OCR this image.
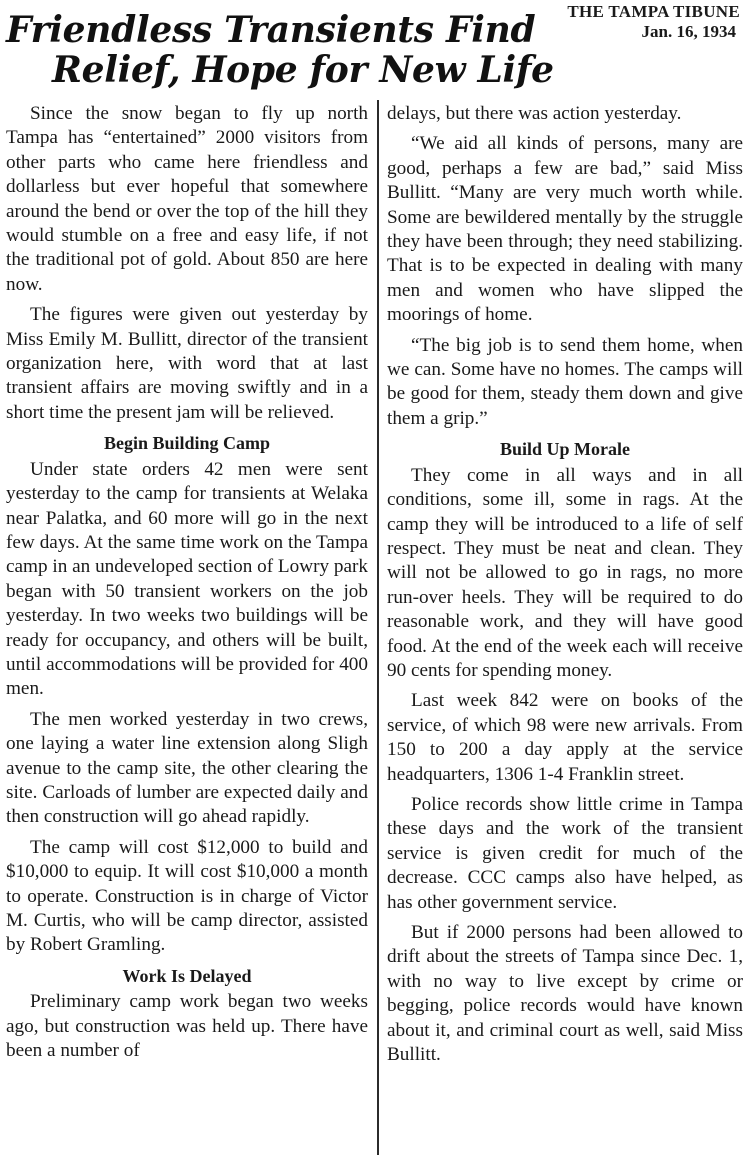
THE TAMPA TIBUNE
Jan. 16, 1934
Friendless Transients Find
Relief, Hope for New Life

Since the snow began to fly up north Tampa has “entertained” 2000 visitors from other parts who came here friendless and dollarless but ever hopeful that somewhere around the bend or over the top of the hill they would stumble on a free and easy life, if not the traditional pot of gold. About 850 are here now.

The figures were given out yesterday by Miss Emily M. Bullitt, director of the transient organization here, with word that at last transient affairs are moving swiftly and in a short time the present jam will be relieved.

Begin Building Camp

Under state orders 42 men were sent yesterday to the camp for transients at Welaka near Palatka, and 60 more will go in the next few days. At the same time work on the Tampa camp in an undeveloped section of Lowry park began with 50 transient workers on the job yesterday. In two weeks two buildings will be ready for occupancy, and others will be built, until accommodations will be provided for 400 men.

The men worked yesterday in two crews, one laying a water line extension along Sligh avenue to the camp site, the other clearing the site. Carloads of lumber are expected daily and then construction will go ahead rapidly.

The camp will cost $12,000 to build and $10,000 to equip. It will cost $10,000 a month to operate. Construction is in charge of Victor M. Curtis, who will be camp director, assisted by Robert Gramling.

Work Is Delayed

Preliminary camp work began two weeks ago, but construction was held up. There have been a number of

delays, but there was action yesterday.

“We aid all kinds of persons, many are good, perhaps a few are bad,” said Miss Bullitt. “Many are very much worth while. Some are bewildered mentally by the struggle they have been through; they need stabilizing. That is to be expected in dealing with many men and women who have slipped the moorings of home.

“The big job is to send them home, when we can. Some have no homes. The camps will be good for them, steady them down and give them a grip.”

Build Up Morale

They come in all ways and in all conditions, some ill, some in rags. At the camp they will be introduced to a life of self respect. They must be neat and clean. They will not be allowed to go in rags, no more run-over heels. They will be required to do reasonable work, and they will have good food. At the end of the week each will receive 90 cents for spending money.

Last week 842 were on books of the service, of which 98 were new arrivals. From 150 to 200 a day apply at the service headquarters, 1306 1-4 Franklin street.

Police records show little crime in Tampa these days and the work of the transient service is given credit for much of the decrease. CCC camps also have helped, as has other government service.

But if 2000 persons had been allowed to drift about the streets of Tampa since Dec. 1, with no way to live except by crime or begging, police records would have known about it, and criminal court as well, said Miss Bullitt.
